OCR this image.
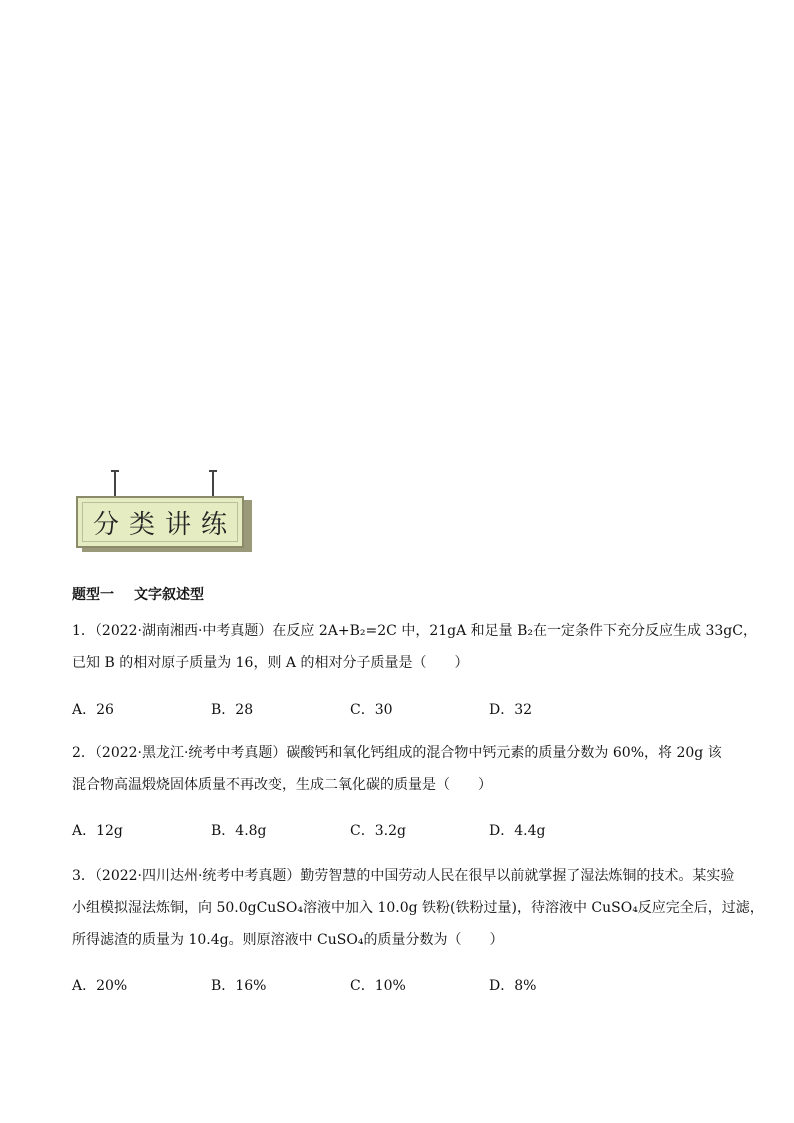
分类讲练
题型一 文字叙述型
1．（2022·湖南湘西·中考真题）在反应 2A+B₂=2C 中，21gA 和足量 B₂在一定条件下充分反应生成 33gC，
已知 B 的相对原子质量为 16，则 A 的相对分子质量是（　　）
A．26	B．28	C．30	D．32
2．（2022·黑龙江·统考中考真题）碳酸钙和氧化钙组成的混合物中钙元素的质量分数为 60%，将 20g 该
混合物高温煅烧固体质量不再改变，生成二氧化碳的质量是（　　）
A．12g	B．4.8g	C．3.2g	D．4.4g
3．（2022·四川达州·统考中考真题）勤劳智慧的中国劳动人民在很早以前就掌握了湿法炼铜的技术。某实验
小组模拟湿法炼铜，向 50.0gCuSO₄溶液中加入 10.0g 铁粉(铁粉过量)，待溶液中 CuSO₄反应完全后，过滤，
所得滤渣的质量为 10.4g。则原溶液中 CuSO₄的质量分数为（　　）
A．20%	B．16%	C．10%	D．8%
